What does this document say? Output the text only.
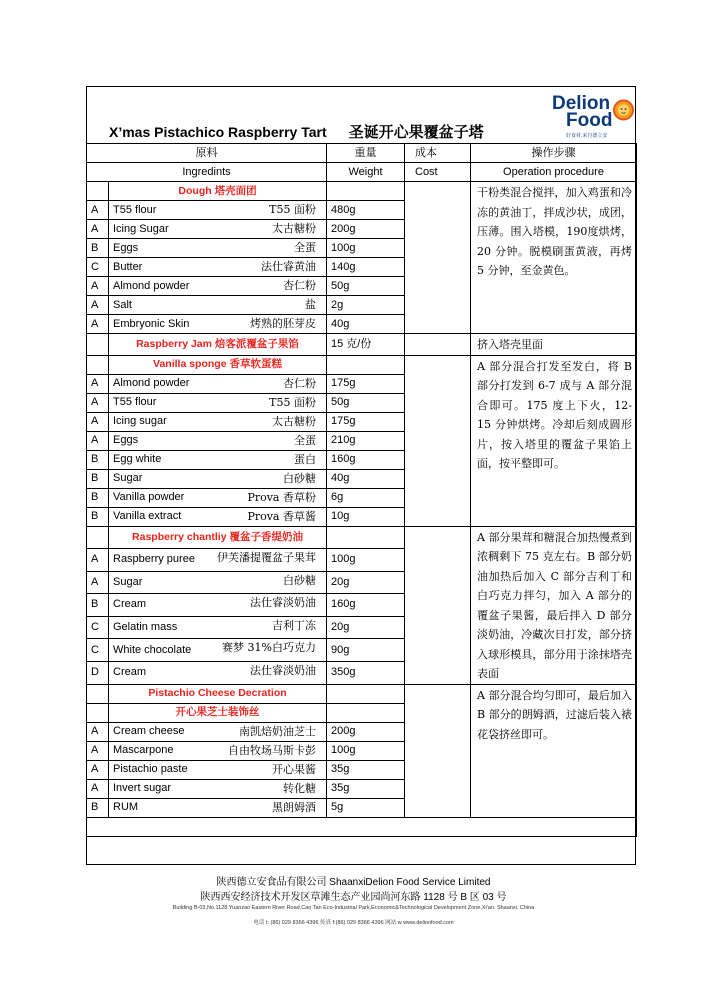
X’mas Pistachico Raspberry Tart 圣诞开心果覆盆子塔
Delion
Food
好食材,来自德立安
原料		重量	成本	操作步骤
Ingredints		Weight	Cost	Operation procedure
	Dough 塔壳面团			干粉类混合搅拌，加入鸡蛋和冷冻的黄油丁，拌成沙状，成团，压薄。围入塔模，190度烘烤，20 分钟。脱模刷蛋黄液，再烤 5 分钟，至金黄色。
A	T55 flour T55 面粉	480g		
A	Icing Sugar 太古糖粉	200g		
B	Eggs 全蛋	100g		
C	Butter 法仕睿黄油	140g		
A	Almond powder 杏仁粉	50g		
A	Salt 盐	2g		
A	Embryonic Skin 烤熟的胚芽皮	40g		
	Raspberry Jam 焙客派覆盆子果馅	15 克/份		挤入塔壳里面
	Vanilla sponge 香草软蛋糕			A 部分混合打发至发白，将 B 部分打发到 6-7 成与 A 部分混合即可。175 度上下火，12-15 分钟烘烤。冷却后刻成圆形片，按入塔里的覆盆子果馅上面，按平整即可。
A	Almond powder 杏仁粉	175g		
A	T55 flour T55 面粉	50g		
A	Icing sugar 太古糖粉	175g		
A	Eggs 全蛋	210g		
B	Egg white 蛋白	160g		
B	Sugar 白砂糖	40g		
B	Vanilla powder Prova 香草粉	6g		
B	Vanilla extract Prova 香草酱	10g		
	Raspberry chantliy 覆盆子香缇奶油			A 部分果茸和糖混合加热慢煮到浓稠剩下 75 克左右。B 部分奶油加热后加入 C 部分吉利丁和白巧克力拌匀，加入 A 部分的覆盆子果酱，最后拌入 D 部分淡奶油，冷藏次日打发，部分挤入球形模具，部分用于涂抹塔壳表面
A	Raspberry puree 伊芙潘提覆盆子果茸	100g		
A	Sugar 白砂糖	20g		
B	Cream 法仕睿淡奶油	160g		
C	Gelatin mass 吉利丁冻	20g		
C	White chocolate 赛梦 31%白巧克力	90g		
D	Cream 法仕睿淡奶油	350g		
	Pistachio Cheese Decration			A 部分混合均匀即可，最后加入 B 部分的朗姆酒，过滤后装入裱花袋挤丝即可。
	开心果芝士装饰丝			
A	Cream cheese 南凯焙奶油芝士	200g		
A	Mascarpone 自由牧场马斯卡彭	100g		
A	Pistachio paste 开心果酱	35g		
A	Invert sugar 转化糖	35g		
B	RUM 黑朗姆酒	5g		

陕西德立安食品有限公司 ShaanxiDelion Food Service Limited
陕西西安经济技术开发区草滩生态产业园尚河东路 1128 号 B 区 03 号
Building B-03,No.1128 Yuanzao Eastern River Road,Cao Tan Eco-Industrial Park,Economic&Technological Development Zone,Xi'an. Shaanxi. China
电话 t: (86) 029 8366 4396 传真 f:(86) 029 8366 4396 网站 w www.delionfood.com
